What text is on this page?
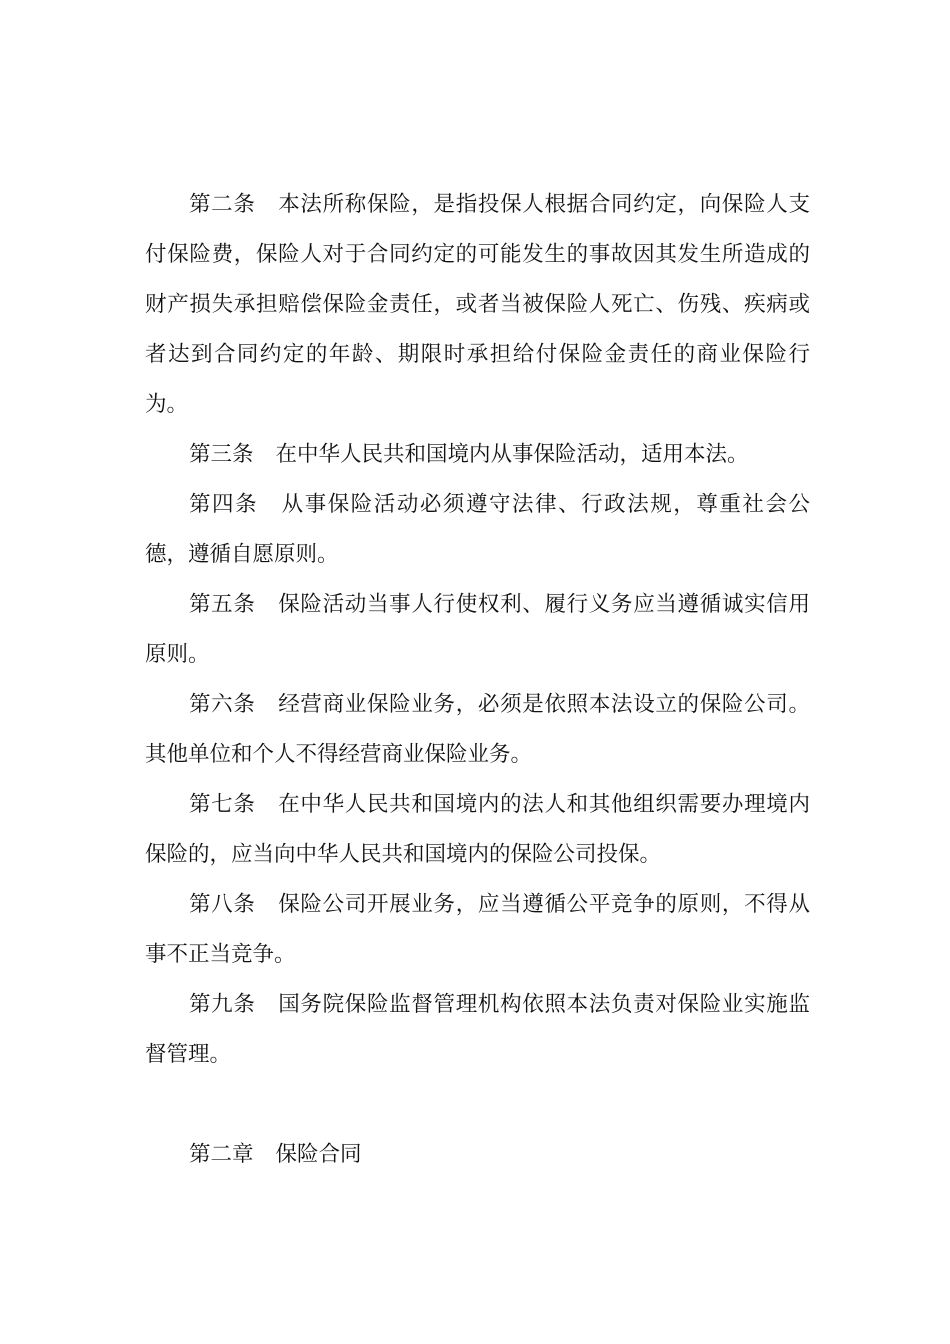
第二条 本法所称保险，是指投保人根据合同约定，向保险人支付保险费，保险人对于合同约定的可能发生的事故因其发生所造成的财产损失承担赔偿保险金责任，或者当被保险人死亡、伤残、疾病或者达到合同约定的年龄、期限时承担给付保险金责任的商业保险行为。

第三条 在中华人民共和国境内从事保险活动，适用本法。

第四条 从事保险活动必须遵守法律、行政法规，尊重社会公德，遵循自愿原则。

第五条 保险活动当事人行使权利、履行义务应当遵循诚实信用原则。

第六条 经营商业保险业务，必须是依照本法设立的保险公司。其他单位和个人不得经营商业保险业务。

第七条 在中华人民共和国境内的法人和其他组织需要办理境内保险的，应当向中华人民共和国境内的保险公司投保。

第八条 保险公司开展业务，应当遵循公平竞争的原则，不得从事不正当竞争。

第九条 国务院保险监督管理机构依照本法负责对保险业实施监督管理。

第二章 保险合同
